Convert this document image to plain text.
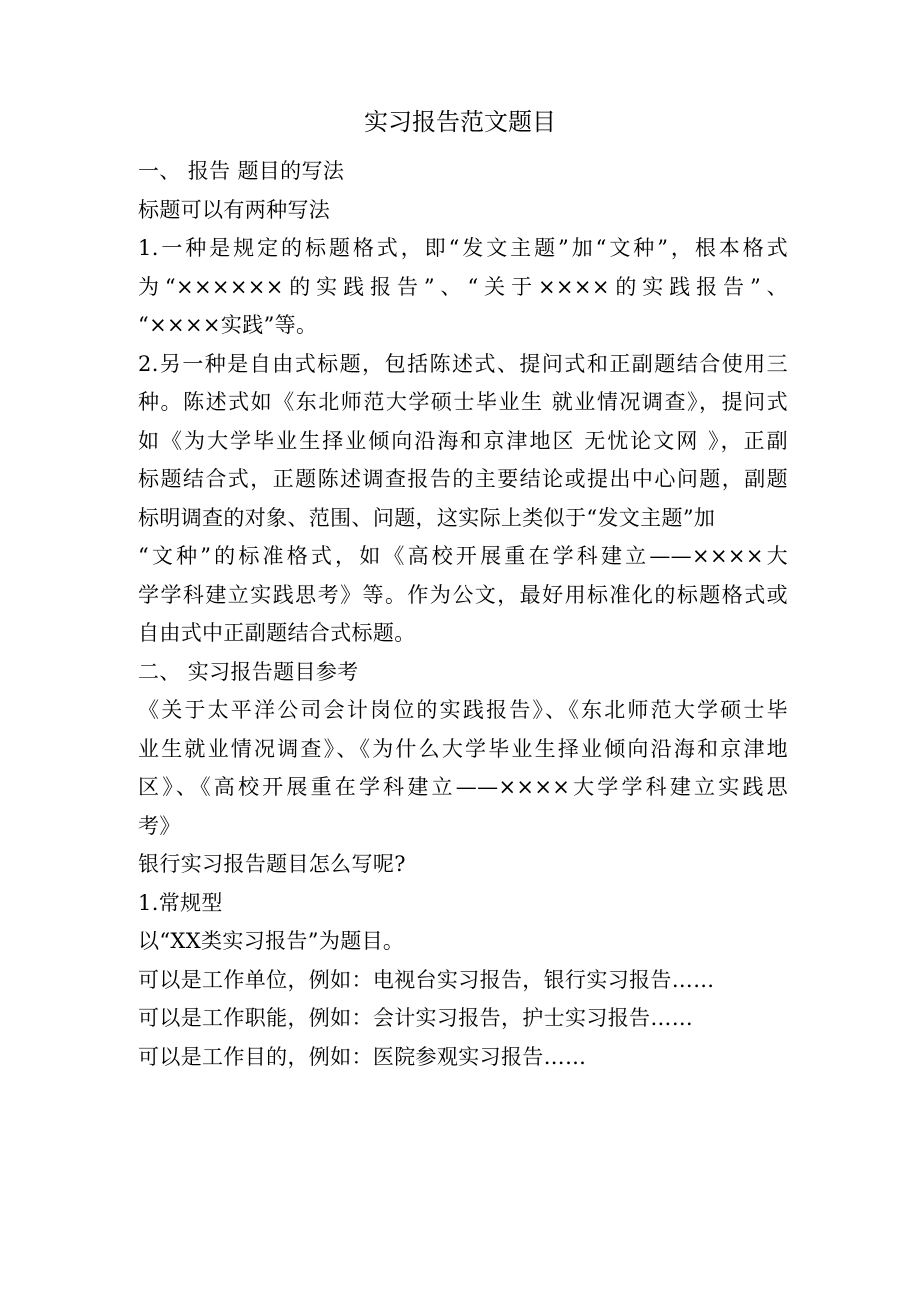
实习报告范文题目
一、 报告 题目的写法
标题可以有两种写法
1.一种是规定的标题格式，即“发文主题”加“文种”，根本格式
为“××××××的实践报告”、“关于××××的实践报告”、
“××××实践”等。
2.另一种是自由式标题，包括陈述式、提问式和正副题结合使用三
种。陈述式如《东北师范大学硕士毕业生 就业情况调查》，提问式
如《为大学毕业生择业倾向沿海和京津地区 无忧论文网 》，正副
标题结合式，正题陈述调查报告的主要结论或提出中心问题，副题
标明调查的对象、范围、问题，这实际上类似于“发文主题”加
“文种”的标准格式，如《高校开展重在学科建立——××××大
学学科建立实践思考》等。作为公文，最好用标准化的标题格式或
自由式中正副题结合式标题。
二、 实习报告题目参考
《关于太平洋公司会计岗位的实践报告》、《东北师范大学硕士毕
业生就业情况调查》、《为什么大学毕业生择业倾向沿海和京津地
区》、《高校开展重在学科建立——××××大学学科建立实践思
考》
银行实习报告题目怎么写呢?
1.常规型
以“XX类实习报告”为题目。
可以是工作单位，例如：电视台实习报告，银行实习报告……
可以是工作职能，例如：会计实习报告，护士实习报告……
可以是工作目的，例如：医院参观实习报告……
